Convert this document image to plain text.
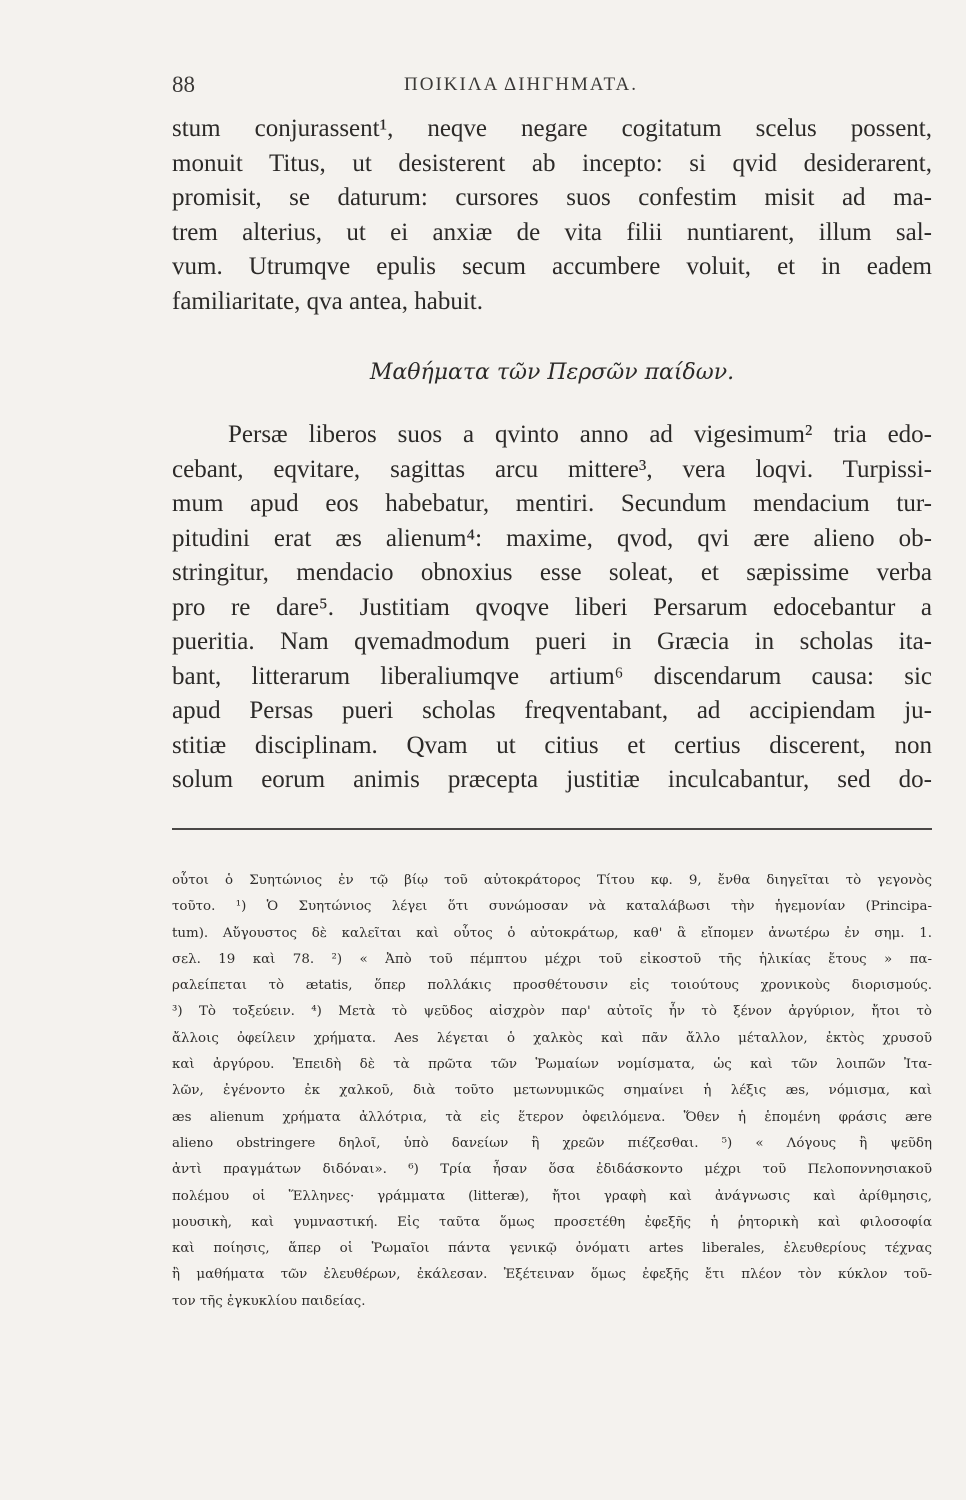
88	ΠΟΙΚΙΛΑ ΔΙΗΓΗΜΑΤΑ.
stum conjurassent¹, neqve negare cogitatum scelus possent,
monuit Titus, ut desisterent ab incepto: si qvid desiderarent,
promisit, se daturum: cursores suos confestim misit ad ma-
trem alterius, ut ei anxiæ de vita filii nuntiarent, illum sal-
vum. Utrumqve epulis secum accumbere voluit, et in eadem
familiaritate, qva antea, habuit.
Μαθήματα τῶν Περσῶν παίδων.
Persæ liberos suos a qvinto anno ad vigesimum² tria edo-
cebant, eqvitare, sagittas arcu mittere³, vera loqvi. Turpissi-
mum apud eos habebatur, mentiri. Secundum mendacium tur-
pitudini erat æs alienum⁴: maxime, qvod, qvi ære alieno ob-
stringitur, mendacio obnoxius esse soleat, et sæpissime verba
pro re dare⁵. Justitiam qvoqve liberi Persarum edocebantur a
pueritia. Nam qvemadmodum pueri in Græcia in scholas ita-
bant, litterarum liberaliumqve artium⁶ discendarum causa: sic
apud Persas pueri scholas freqventabant, ad accipiendam ju-
stitiæ disciplinam. Qvam ut citius et certius discerent, non
solum eorum animis præcepta justitiæ inculcabantur, sed do-
οὗτοι ὁ Συητώνιος ἐν τῷ βίῳ τοῦ αὐτοκράτορος Τίτου κφ. 9, ἔνθα διηγεῖται τὸ γεγονὸς
τοῦτο. ¹) Ὁ Συητώνιος λέγει ὅτι συνώμοσαν νὰ καταλάβωσι τὴν ἡγεμονίαν (Principa-
tum). Αὔγουστος δὲ καλεῖται καὶ οὗτος ὁ αὐτοκράτωρ, καθ' ἃ εἴπομεν ἀνωτέρω ἐν σημ. 1.
σελ. 19 καὶ 78. ²) « Ἀπὸ τοῦ πέμπτου μέχρι τοῦ εἰκοστοῦ τῆς ἡλικίας ἔτους » πα-
ραλείπεται τὸ ætatis, ὅπερ πολλάκις προσθέτουσιν εἰς τοιούτους χρονικοὺς διορισμούς.
³) Τὸ τοξεύειν. ⁴) Μετὰ τὸ ψεῦδος αἰσχρὸν παρ' αὐτοῖς ἦν τὸ ξένον ἀργύριον, ἤτοι τὸ
ἄλλοις ὀφείλειν χρήματα. Aes λέγεται ὁ χαλκὸς καὶ πᾶν ἄλλο μέταλλον, ἐκτὸς χρυσοῦ
καὶ ἀργύρου. Ἐπειδὴ δὲ τὰ πρῶτα τῶν Ῥωμαίων νομίσματα, ὡς καὶ τῶν λοιπῶν Ἰτα-
λῶν, ἐγένοντο ἐκ χαλκοῦ, διὰ τοῦτο μετωνυμικῶς σημαίνει ἡ λέξις æs, νόμισμα, καὶ
æs alienum χρήματα ἀλλότρια, τὰ εἰς ἕτερον ὀφειλόμενα. Ὅθεν ἡ ἑπομένη φράσις ære
alieno obstringere δηλοῖ, ὑπὸ δανείων ἢ χρεῶν πιέζεσθαι. ⁵) « Λόγους ἢ ψεῦδη
ἀντὶ πραγμάτων διδόναι». ⁶) Τρία ἦσαν ὅσα ἐδιδάσκοντο μέχρι τοῦ Πελοποννησιακοῦ
πολέμου οἱ Ἕλληνες· γράμματα (litteræ), ἤτοι γραφὴ καὶ ἀνάγνωσις καὶ ἀρίθμησις,
μουσικὴ, καὶ γυμναστική. Εἰς ταῦτα ὅμως προσετέθη ἐφεξῆς ἡ ῥητορικὴ καὶ φιλοσοφία
καὶ ποίησις, ἅπερ οἱ Ῥωμαῖοι πάντα γενικῷ ὀνόματι artes liberales, ἐλευθερίους τέχνας
ἢ μαθήματα τῶν ἐλευθέρων, ἐκάλεσαν. Ἐξέτειναν ὅμως ἐφεξῆς ἔτι πλέον τὸν κύκλον τοῦ-
τον τῆς ἐγκυκλίου παιδείας.
